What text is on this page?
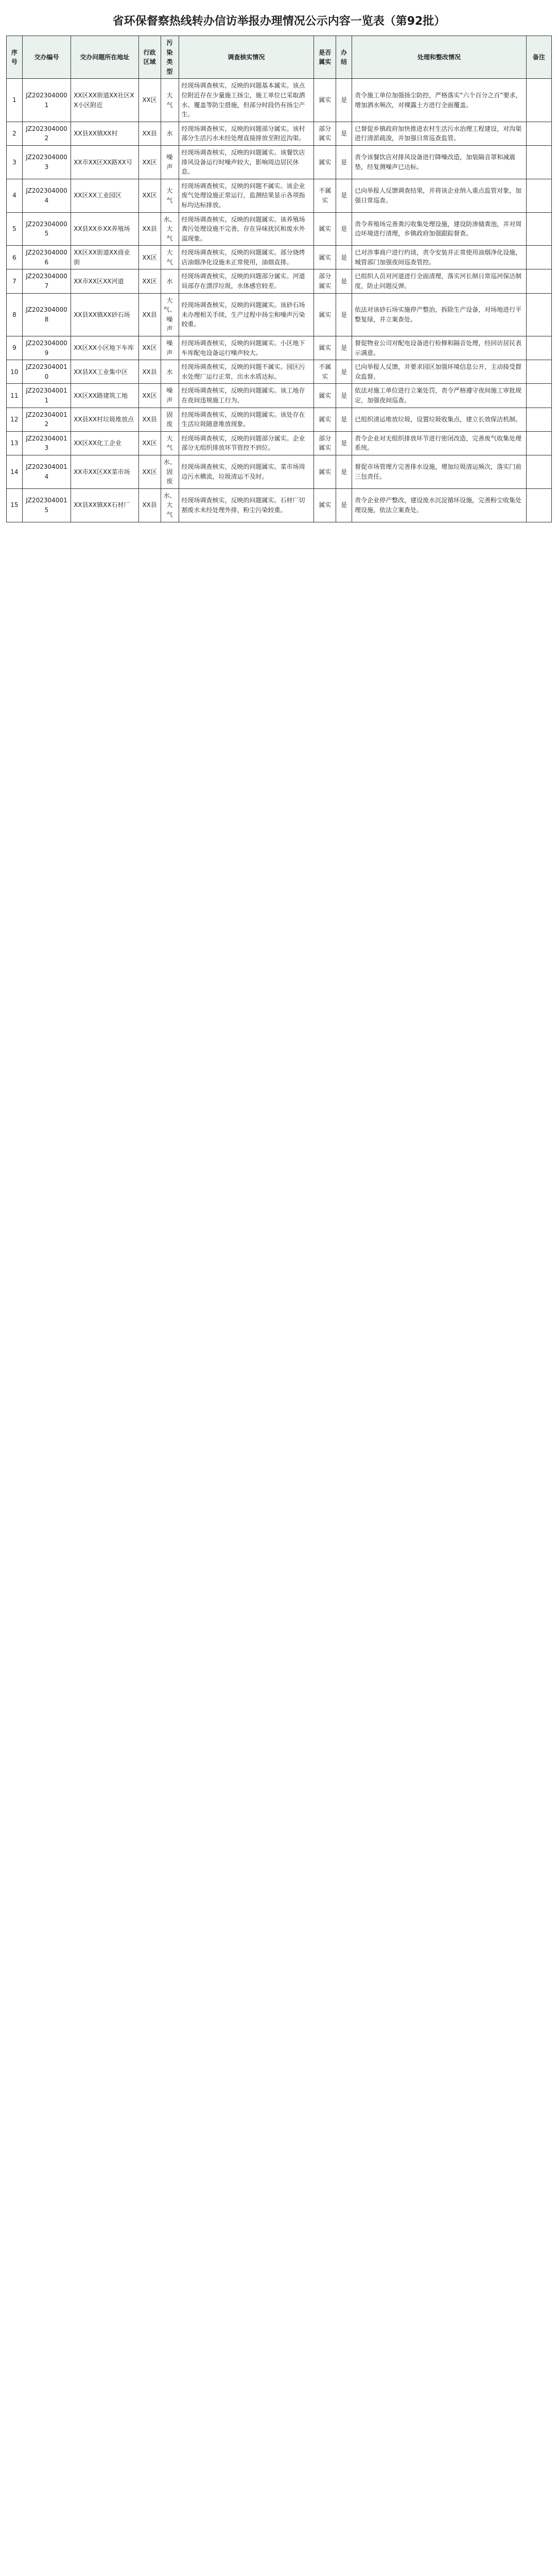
省环保督察热线转办信访举报办理情况公示内容一览表（第92批）
序号	交办编号	交办问题所在地址	行政区域	污染类型	调查核实情况	是否属实	办结	处理和整改情况	备注
1	JZ2023040001	XX区XX街道XX社区XX小区附近	XX区	大气	经现场调查核实，反映的问题基本属实。该点位附近存在少量施工扬尘，施工单位已采取洒水、覆盖等防尘措施，但部分时段仍有扬尘产生。	属实	是	责令施工单位加强扬尘防控，严格落实“六个百分之百”要求，增加洒水频次，对裸露土方进行全面覆盖。	
2	JZ2023040002	XX县XX镇XX村	XX县	水	经现场调查核实，反映的问题部分属实。该村部分生活污水未经处理直接排放至附近沟渠。	部分属实	是	已督促乡镇政府加快推进农村生活污水治理工程建设，对沟渠进行清淤疏浚，并加强日常巡查监管。	
3	JZ2023040003	XX市XX区XX路XX号	XX区	噪声	经现场调查核实，反映的问题属实。该餐饮店排风设备运行时噪声较大，影响周边居民休息。	属实	是	责令该餐饮店对排风设备进行降噪改造，加装隔音罩和减震垫，经复测噪声已达标。	
4	JZ2023040004	XX区XX工业园区	XX区	大气	经现场调查核实，反映的问题不属实。该企业废气处理设施正常运行，监测结果显示各项指标均达标排放。	不属实	是	已向举报人反馈调查结果，并将该企业纳入重点监管对象，加强日常巡查。	
5	JZ2023040005	XX县XX乡XX养殖场	XX县	水、大气	经现场调查核实，反映的问题属实。该养殖场粪污处理设施不完善，存在异味扰民和废水外溢现象。	属实	是	责令养殖场完善粪污收集处理设施，建设防渗储粪池，并对周边环境进行清理，乡镇政府加强跟踪督查。	
6	JZ2023040006	XX区XX街道XX商业街	XX区	大气	经现场调查核实，反映的问题属实。部分烧烤店油烟净化设施未正常使用，油烟直排。	属实	是	已对涉事商户进行约谈，责令安装并正常使用油烟净化设施，城管部门加强夜间巡查管控。	
7	JZ2023040007	XX市XX区XX河道	XX区	水	经现场调查核实，反映的问题部分属实。河道局部存在漂浮垃圾，水体感官较差。	部分属实	是	已组织人员对河道进行全面清理，落实河长制日常巡河保洁制度，防止问题反弹。	
8	JZ2023040008	XX县XX镇XX砂石场	XX县	大气、噪声	经现场调查核实，反映的问题属实。该砂石场未办理相关手续，生产过程中扬尘和噪声污染较重。	属实	是	依法对该砂石场实施停产整治，拆除生产设备，对场地进行平整复绿，并立案查处。	
9	JZ2023040009	XX区XX小区地下车库	XX区	噪声	经现场调查核实，反映的问题属实。小区地下车库配电设备运行噪声较大。	属实	是	督促物业公司对配电设备进行检修和隔音处理，经回访居民表示满意。	
10	JZ2023040010	XX县XX工业集中区	XX县	水	经现场调查核实，反映的问题不属实。园区污水处理厂运行正常，出水水质达标。	不属实	是	已向举报人反馈，并要求园区加强环境信息公开，主动接受群众监督。	
11	JZ2023040011	XX区XX路建筑工地	XX区	噪声	经现场调查核实，反映的问题属实。该工地存在夜间违规施工行为。	属实	是	依法对施工单位进行立案处罚，责令严格遵守夜间施工审批规定，加强夜间巡查。	
12	JZ2023040012	XX县XX村垃圾堆放点	XX县	固废	经现场调查核实，反映的问题属实。该处存在生活垃圾随意堆放现象。	属实	是	已组织清运堆放垃圾，设置垃圾收集点，建立长效保洁机制。	
13	JZ2023040013	XX区XX化工企业	XX区	大气	经现场调查核实，反映的问题部分属实。企业部分无组织排放环节管控不到位。	部分属实	是	责令企业对无组织排放环节进行密闭改造，完善废气收集处理系统。	
14	JZ2023040014	XX市XX区XX菜市场	XX区	水、固废	经现场调查核实，反映的问题属实。菜市场周边污水横流，垃圾清运不及时。	属实	是	督促市场管理方完善排水设施，增加垃圾清运频次，落实门前三包责任。	
15	JZ2023040015	XX县XX镇XX石材厂	XX县	水、大气	经现场调查核实，反映的问题属实。石材厂切割废水未经处理外排，粉尘污染较重。	属实	是	责令企业停产整改，建设废水沉淀循环设施，完善粉尘收集处理设施，依法立案查处。	
